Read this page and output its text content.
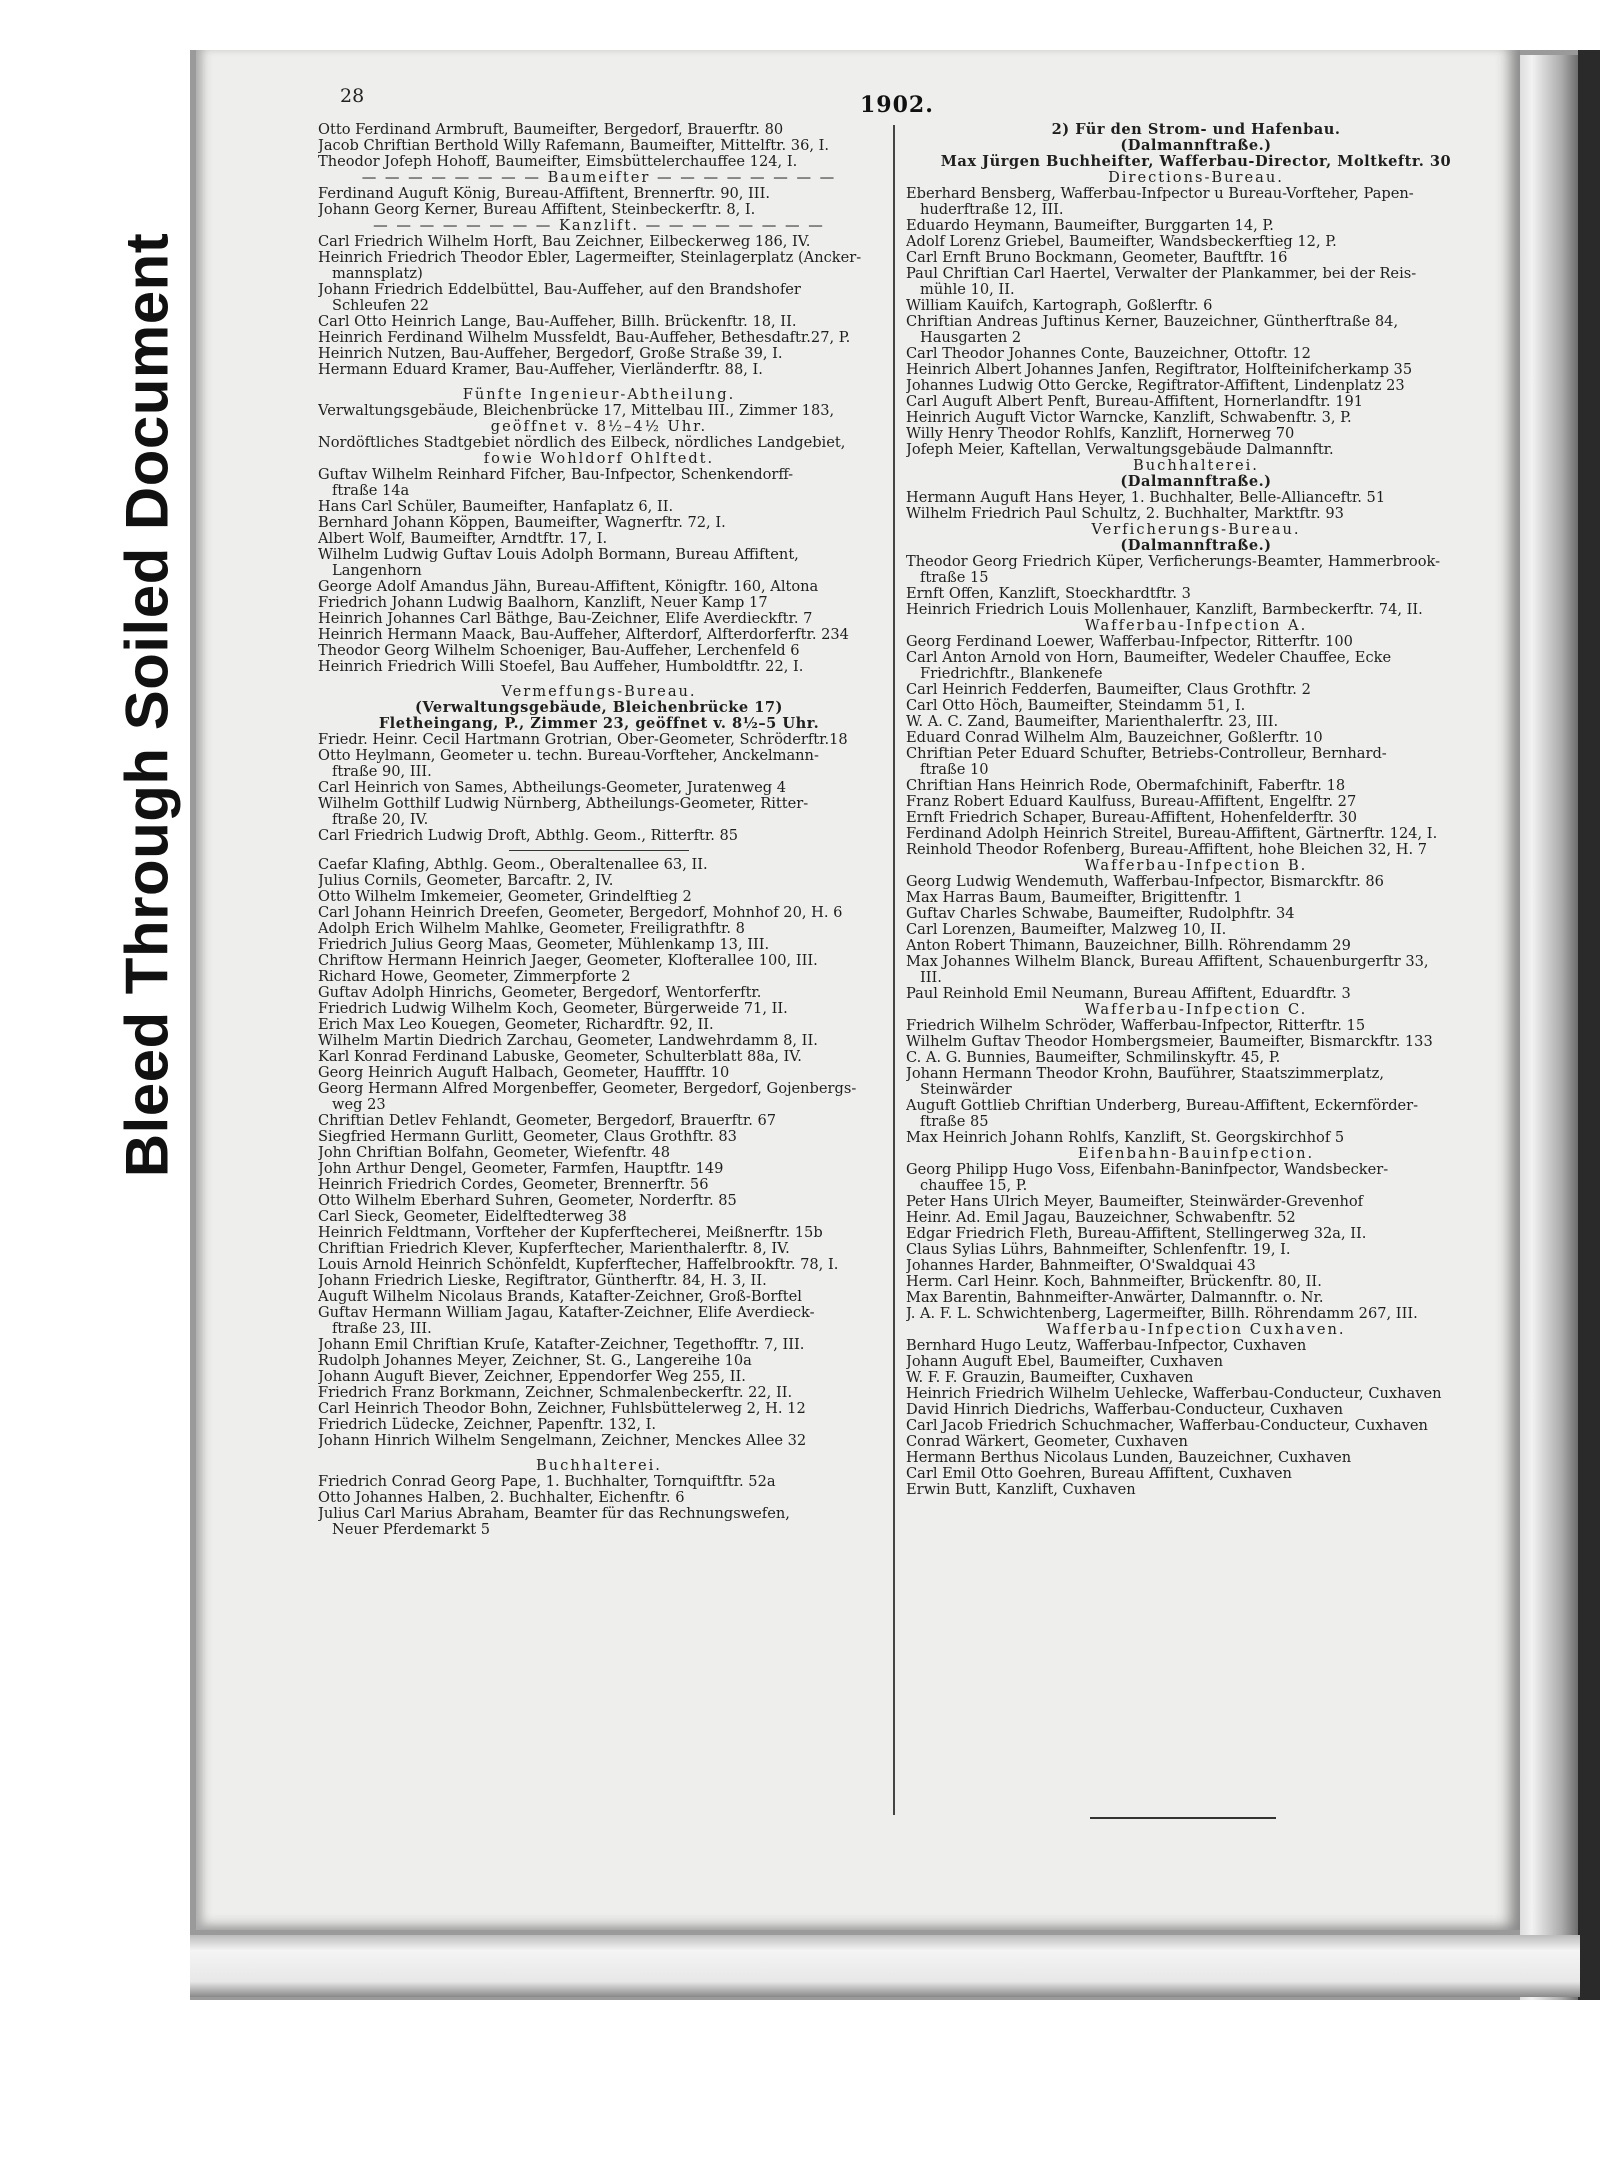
Bleed Through Soiled Document
28	1902.
Otto Ferdinand Armbruft, Baumeifter, Bergedorf, Brauerftr. 80
Jacob Chriftian Berthold Willy Rafemann, Baumeifter, Mittelftr. 36, I.
Theodor Jofeph Hohoff, Baumeifter, Eimsbüttelerchauffee 124, I.
— — — — — — — — Baumeifter — — — — — — — —
Ferdinand Auguft König, Bureau-Affiftent, Brennerftr. 90, III.
Johann Georg Kerner, Bureau Affiftent, Steinbeckerftr. 8, I.
— — — — — — — — Kanzlift. — — — — — — — —
Carl Friedrich Wilhelm Horft, Bau Zeichner, Eilbeckerweg 186, IV.
Heinrich Friedrich Theodor Ebler, Lagermeifter, Steinlagerplatz (Ancker-
mannsplatz)
Johann Friedrich Eddelbüttel, Bau-Auffeher, auf den Brandshofer
Schleufen 22
Carl Otto Heinrich Lange, Bau-Auffeher, Billh. Brückenftr. 18, II.
Heinrich Ferdinand Wilhelm Mussfeldt, Bau-Auffeher, Bethesdaftr.27, P.
Heinrich Nutzen, Bau-Auffeher, Bergedorf, Große Straße 39, I.
Hermann Eduard Kramer, Bau-Auffeher, Vierländerftr. 88, I.
Fünfte Ingenieur-Abtheilung.
Verwaltungsgebäude, Bleichenbrücke 17, Mittelbau III., Zimmer 183,
geöffnet v. 8½–4½ Uhr.
Nordöftliches Stadtgebiet nördlich des Eilbeck, nördliches Landgebiet,
fowie Wohldorf Ohlftedt.
Guftav Wilhelm Reinhard Fifcher, Bau-Infpector, Schenkendorff-
ftraße 14a
Hans Carl Schüler, Baumeifter, Hanfaplatz 6, II.
Bernhard Johann Köppen, Baumeifter, Wagnerftr. 72, I.
Albert Wolf, Baumeifter, Arndtftr. 17, I.
Wilhelm Ludwig Guftav Louis Adolph Bormann, Bureau Affiftent,
Langenhorn
George Adolf Amandus Jähn, Bureau-Affiftent, Königftr. 160, Altona
Friedrich Johann Ludwig Baalhorn, Kanzlift, Neuer Kamp 17
Heinrich Johannes Carl Bäthge, Bau-Zeichner, Elife Averdieckftr. 7
Heinrich Hermann Maack, Bau-Auffeher, Alfterdorf, Alfterdorferftr. 234
Theodor Georg Wilhelm Schoeniger, Bau-Auffeher, Lerchenfeld 6
Heinrich Friedrich Willi Stoefel, Bau Auffeher, Humboldtftr. 22, I.
Vermeffungs-Bureau.
(Verwaltungsgebäude, Bleichenbrücke 17)
Fletheingang, P., Zimmer 23, geöffnet v. 8½–5 Uhr.
Friedr. Heinr. Cecil Hartmann Grotrian, Ober-Geometer, Schröderftr.18
Otto Heylmann, Geometer u. techn. Bureau-Vorfteher, Anckelmann-
ftraße 90, III.
Carl Heinrich von Sames, Abtheilungs-Geometer, Juratenweg 4
Wilhelm Gotthilf Ludwig Nürnberg, Abtheilungs-Geometer, Ritter-
ftraße 20, IV.
Carl Friedrich Ludwig Droft, Abthlg. Geom., Ritterftr. 85
Caefar Klafing, Abthlg. Geom., Oberaltenallee 63, II.
Julius Cornils, Geometer, Barcaftr. 2, IV.
Otto Wilhelm Imkemeier, Geometer, Grindelftieg 2
Carl Johann Heinrich Dreefen, Geometer, Bergedorf, Mohnhof 20, H. 6
Adolph Erich Wilhelm Mahlke, Geometer, Freiligrathftr. 8
Friedrich Julius Georg Maas, Geometer, Mühlenkamp 13, III.
Chriftow Hermann Heinrich Jaeger, Geometer, Klofterallee 100, III.
Richard Howe, Geometer, Zimmerpforte 2
Guftav Adolph Hinrichs, Geometer, Bergedorf, Wentorferftr.
Friedrich Ludwig Wilhelm Koch, Geometer, Bürgerweide 71, II.
Erich Max Leo Kouegen, Geometer, Richardftr. 92, II.
Wilhelm Martin Diedrich Zarchau, Geometer, Landwehrdamm 8, II.
Karl Konrad Ferdinand Labuske, Geometer, Schulterblatt 88a, IV.
Georg Heinrich Auguft Halbach, Geometer, Hauffftr. 10
Georg Hermann Alfred Morgenbeffer, Geometer, Bergedorf, Gojenbergs-
weg 23
Chriftian Detlev Fehlandt, Geometer, Bergedorf, Brauerftr. 67
Siegfried Hermann Gurlitt, Geometer, Claus Grothftr. 83
John Chriftian Bolfahn, Geometer, Wiefenftr. 48
John Arthur Dengel, Geometer, Farmfen, Hauptftr. 149
Heinrich Friedrich Cordes, Geometer, Brennerftr. 56
Otto Wilhelm Eberhard Suhren, Geometer, Norderftr. 85
Carl Sieck, Geometer, Eidelftedterweg 38
Heinrich Feldtmann, Vorfteher der Kupferftecherei, Meißnerftr. 15b
Chriftian Friedrich Klever, Kupferftecher, Marienthalerftr. 8, IV.
Louis Arnold Heinrich Schönfeldt, Kupferftecher, Haffelbrookftr. 78, I.
Johann Friedrich Lieske, Regiftrator, Güntherftr. 84, H. 3, II.
Auguft Wilhelm Nicolaus Brands, Katafter-Zeichner, Groß-Borftel
Guftav Hermann William Jagau, Katafter-Zeichner, Elife Averdieck-
ftraße 23, III.
Johann Emil Chriftian Kruſe, Katafter-Zeichner, Tegethofftr. 7, III.
Rudolph Johannes Meyer, Zeichner, St. G., Langereihe 10a
Johann Auguft Biever, Zeichner, Eppendorfer Weg 255, II.
Friedrich Franz Borkmann, Zeichner, Schmalenbeckerftr. 22, II.
Carl Heinrich Theodor Bohn, Zeichner, Fuhlsbüttelerweg 2, H. 12
Friedrich Lüdecke, Zeichner, Papenftr. 132, I.
Johann Hinrich Wilhelm Sengelmann, Zeichner, Menckes Allee 32
Buchhalterei.
Friedrich Conrad Georg Pape, 1. Buchhalter, Tornquiftftr. 52a
Otto Johannes Halben, 2. Buchhalter, Eichenftr. 6
Julius Carl Marius Abraham, Beamter für das Rechnungswefen,
Neuer Pferdemarkt 5
2) Für den Strom- und Hafenbau.
(Dalmannftraße.)
Max Jürgen Buchheifter, Wafferbau-Director, Moltkeftr. 30
Directions-Bureau.
Eberhard Bensberg, Wafferbau-Infpector u Bureau-Vorfteher, Papen-
huderftraße 12, III.
Eduardo Heymann, Baumeifter, Burggarten 14, P.
Adolf Lorenz Griebel, Baumeifter, Wandsbeckerftieg 12, P.
Carl Ernft Bruno Bockmann, Geometer, Bauftftr. 16
Paul Chriftian Carl Haertel, Verwalter der Plankammer, bei der Reis-
mühle 10, II.
William Kauifch, Kartograph, Goßlerftr. 6
Chriftian Andreas Juftinus Kerner, Bauzeichner, Güntherftraße 84,
Hausgarten 2
Carl Theodor Johannes Conte, Bauzeichner, Ottoftr. 12
Heinrich Albert Johannes Janfen, Regiftrator, Holfteinifcherkamp 35
Johannes Ludwig Otto Gercke, Regiftrator-Affiftent, Lindenplatz 23
Carl Auguft Albert Penft, Bureau-Affiftent, Hornerlandftr. 191
Heinrich Auguft Victor Warncke, Kanzlift, Schwabenftr. 3, P.
Willy Henry Theodor Rohlfs, Kanzlift, Hornerweg 70
Jofeph Meier, Kaftellan, Verwaltungsgebäude Dalmannftr.
Buchhalterei.
(Dalmannftraße.)
Hermann Auguft Hans Heyer, 1. Buchhalter, Belle-Allianceftr. 51
Wilhelm Friedrich Paul Schultz, 2. Buchhalter, Marktftr. 93
Verficherungs-Bureau.
(Dalmannftraße.)
Theodor Georg Friedrich Küper, Verficherungs-Beamter, Hammerbrook-
ftraße 15
Ernft Offen, Kanzlift, Stoeckhardtftr. 3
Heinrich Friedrich Louis Mollenhauer, Kanzlift, Barmbeckerftr. 74, II.
Wafferbau-Infpection A.
Georg Ferdinand Loewer, Wafferbau-Infpector, Ritterftr. 100
Carl Anton Arnold von Horn, Baumeifter, Wedeler Chauffee, Ecke
Friedrichftr., Blankenefe
Carl Heinrich Fedderfen, Baumeifter, Claus Grothftr. 2
Carl Otto Höch, Baumeifter, Steindamm 51, I.
W. A. C. Zand, Baumeifter, Marienthalerftr. 23, III.
Eduard Conrad Wilhelm Alm, Bauzeichner, Goßlerftr. 10
Chriftian Peter Eduard Schufter, Betriebs-Controlleur, Bernhard-
ftraße 10
Chriftian Hans Heinrich Rode, Obermafchinift, Faberftr. 18
Franz Robert Eduard Kaulfuss, Bureau-Affiftent, Engelftr. 27
Ernft Friedrich Schaper, Bureau-Affiftent, Hohenfelderftr. 30
Ferdinand Adolph Heinrich Streitel, Bureau-Affiftent, Gärtnerftr. 124, I.
Reinhold Theodor Rofenberg, Bureau-Affiftent, hohe Bleichen 32, H. 7
Wafferbau-Infpection B.
Georg Ludwig Wendemuth, Wafferbau-Infpector, Bismarckftr. 86
Max Harras Baum, Baumeifter, Brigittenftr. 1
Guftav Charles Schwabe, Baumeifter, Rudolphftr. 34
Carl Lorenzen, Baumeifter, Malzweg 10, II.
Anton Robert Thimann, Bauzeichner, Billh. Röhrendamm 29
Max Johannes Wilhelm Blanck, Bureau Affiftent, Schauenburgerftr 33,
III.
Paul Reinhold Emil Neumann, Bureau Affiftent, Eduardftr. 3
Wafferbau-Infpection C.
Friedrich Wilhelm Schröder, Wafferbau-Infpector, Ritterftr. 15
Wilhelm Guftav Theodor Hombergsmeier, Baumeifter, Bismarckftr. 133
C. A. G. Bunnies, Baumeifter, Schmilinskyftr. 45, P.
Johann Hermann Theodor Krohn, Bauführer, Staatszimmerplatz,
Steinwärder
Auguft Gottlieb Chriftian Underberg, Bureau-Affiftent, Eckernförder-
ftraße 85
Max Heinrich Johann Rohlfs, Kanzlift, St. Georgskirchhof 5
Eifenbahn-Bauinfpection.
Georg Philipp Hugo Voss, Eifenbahn-Baninfpector, Wandsbecker-
chauffee 15, P.
Peter Hans Ulrich Meyer, Baumeifter, Steinwärder-Grevenhof
Heinr. Ad. Emil Jagau, Bauzeichner, Schwabenftr. 52
Edgar Friedrich Fleth, Bureau-Affiftent, Stellingerweg 32a, II.
Claus Sylias Lührs, Bahnmeifter, Schlenfenftr. 19, I.
Johannes Harder, Bahnmeifter, O'Swaldquai 43
Herm. Carl Heinr. Koch, Bahnmeifter, Brückenftr. 80, II.
Max Barentin, Bahnmeifter-Anwärter, Dalmannftr. o. Nr.
J. A. F. L. Schwichtenberg, Lagermeifter, Billh. Röhrendamm 267, III.
Wafferbau-Infpection Cuxhaven.
Bernhard Hugo Leutz, Wafferbau-Infpector, Cuxhaven
Johann Auguft Ebel, Baumeifter, Cuxhaven
W. F. F. Grauzin, Baumeifter, Cuxhaven
Heinrich Friedrich Wilhelm Uehlecke, Wafferbau-Conducteur, Cuxhaven
David Hinrich Diedrichs, Wafferbau-Conducteur, Cuxhaven
Carl Jacob Friedrich Schuchmacher, Wafferbau-Conducteur, Cuxhaven
Conrad Wärkert, Geometer, Cuxhaven
Hermann Berthus Nicolaus Lunden, Bauzeichner, Cuxhaven
Carl Emil Otto Goehren, Bureau Affiftent, Cuxhaven
Erwin Butt, Kanzlift, Cuxhaven
